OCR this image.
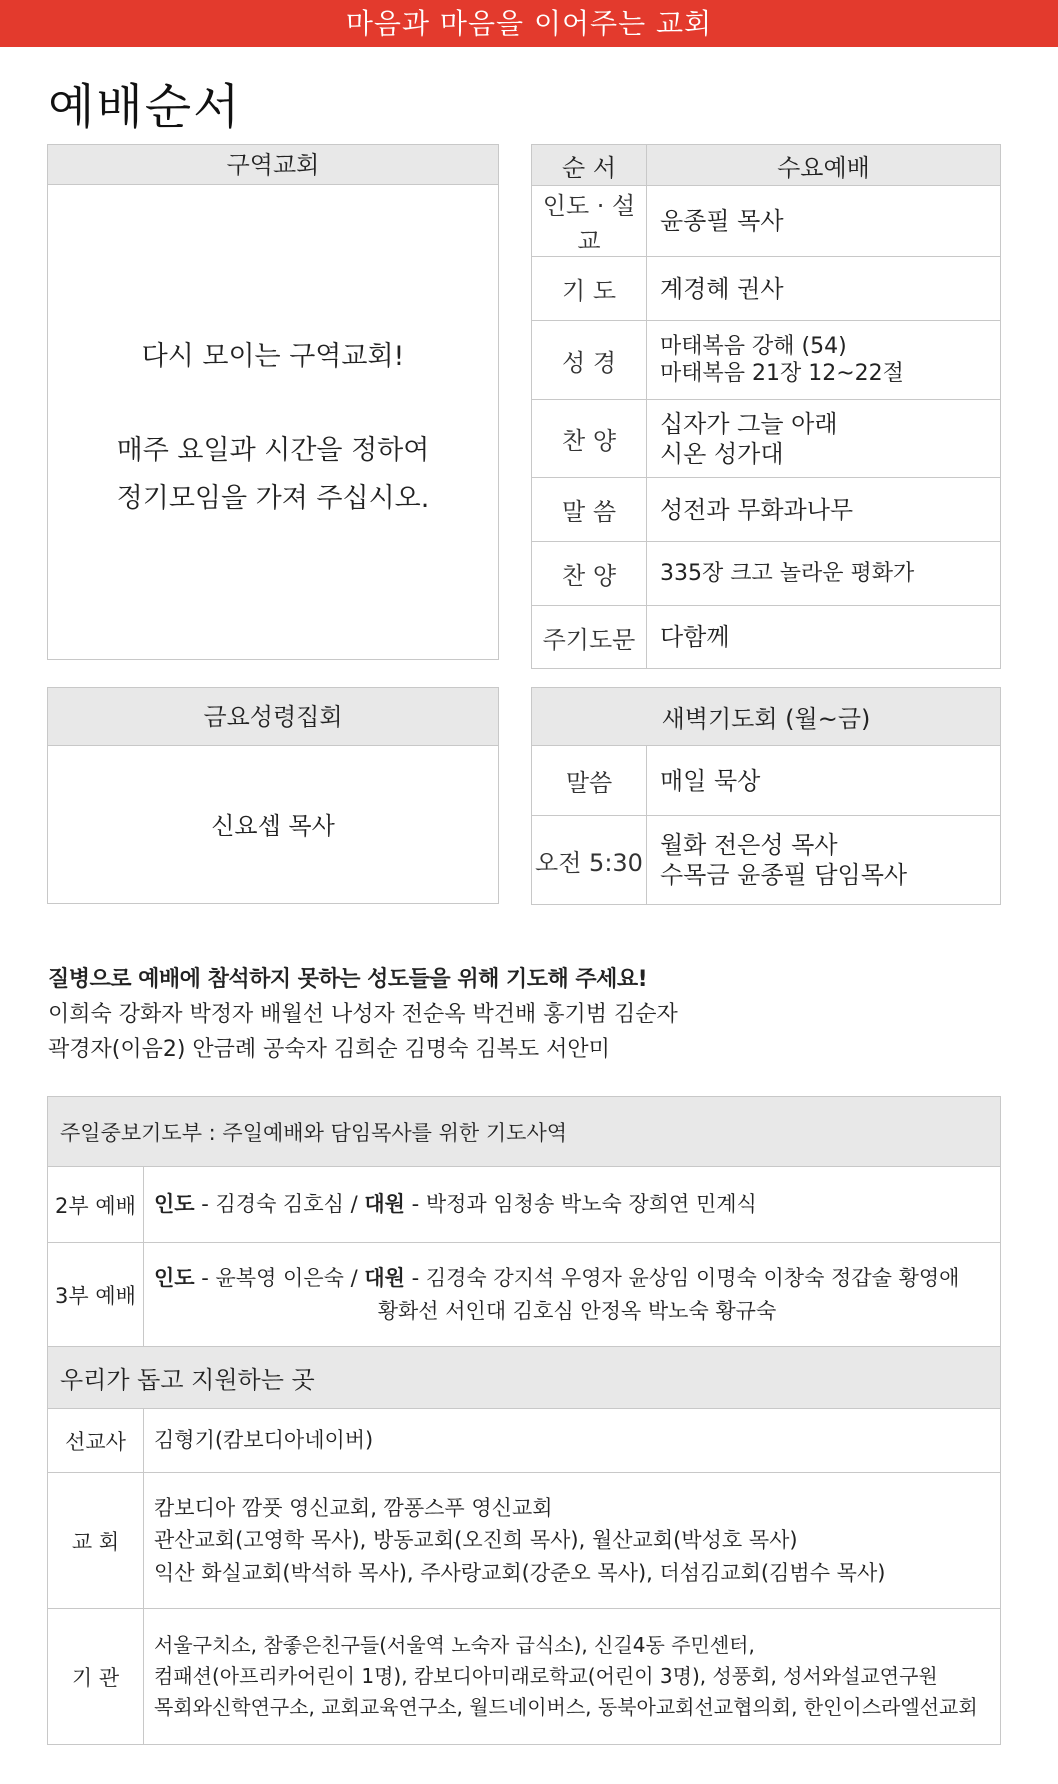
마음과 마음을 이어주는 교회
예배순서
구역교회
다시 모이는 구역교회!
매주 요일과 시간을 정하여
정기모임을 가져 주십시오.
순 서	수요예배
인도 · 설교	윤종필 목사

기 도	계경혜 권사

성 경	마태복음 강해 (54)
마태복음 21장 12~22절

찬 양	십자가 그늘 아래
시온 성가대

말 씀	성전과 무화과나무

찬 양	335장 크고 놀라운 평화가

주기도문	다함께
금요성령집회
신요셉 목사
새벽기도회 (월~금)	
말씀	매일 묵상

오전 5:30	월화 전은성 목사
수목금 윤종필 담임목사
질병으로 예배에 참석하지 못하는 성도들을 위해 기도해 주세요!
이희숙 강화자 박정자 배월선 나성자 전순옥 박건배 홍기범 김순자
곽경자(이음2) 안금례 공숙자 김희순 김명숙 김복도 서안미
주일중보기도부 : 주일예배와 담임목사를 위한 기도사역	
2부 예배	인도 - 김경숙 김호심 / 대원 - 박정과 임청송 박노숙 장희연 민계식
3부 예배	인도 - 윤복영 이은숙 / 대원 - 김경숙 강지석 우영자 윤상임 이명숙 이창숙 정갑술 황영애
황화선 서인대 김호심 안정옥 박노숙 황규숙

우리가 돕고 지원하는 곳	
선교사	김형기(캄보디아네이버)

교 회	캄보디아 깜풋 영신교회, 깜퐁스푸 영신교회
관산교회(고영학 목사), 방동교회(오진희 목사), 월산교회(박성호 목사)
익산 화실교회(박석하 목사), 주사랑교회(강준오 목사), 더섬김교회(김범수 목사)

기 관	서울구치소, 참좋은친구들(서울역 노숙자 급식소), 신길4동 주민센터,
컴패션(아프리카어린이 1명), 캄보디아미래로학교(어린이 3명), 성풍회, 성서와설교연구원
목회와신학연구소, 교회교육연구소, 월드네이버스, 동북아교회선교협의회, 한인이스라엘선교회
